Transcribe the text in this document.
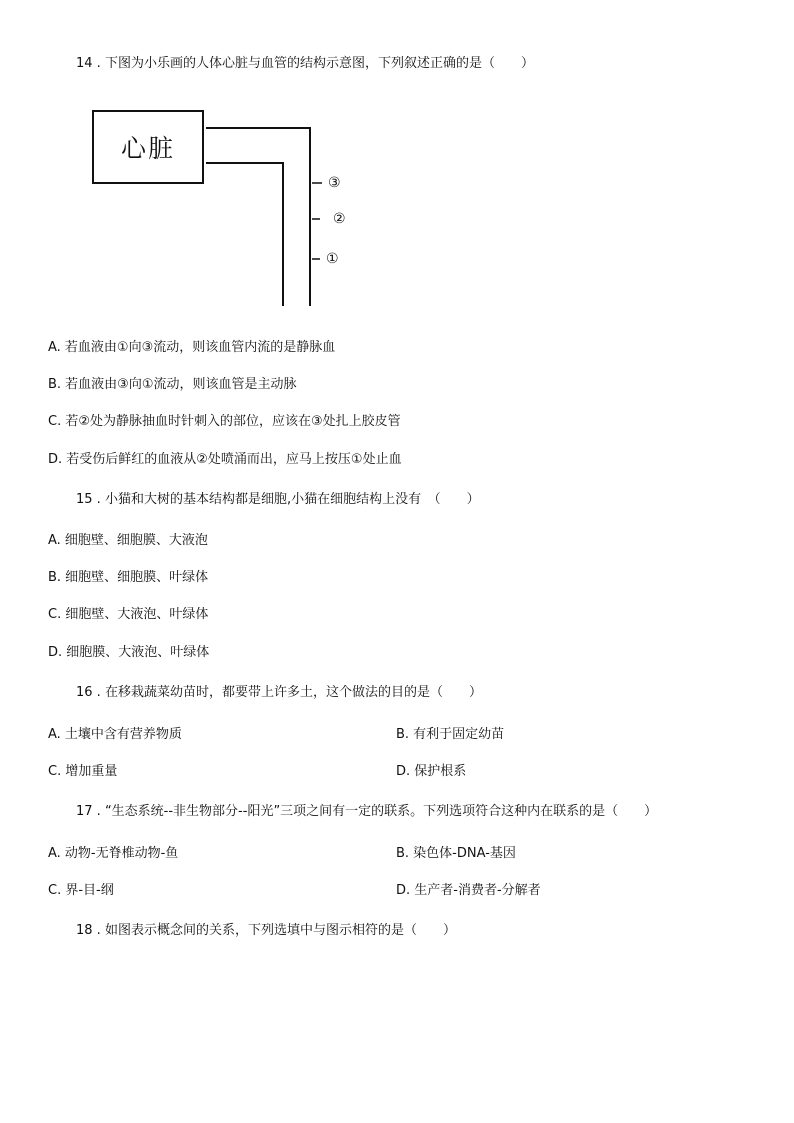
14 . 下图为小乐画的人体心脏与血管的结构示意图，下列叙述正确的是（　　）
心脏
③
②
①
A. 若血液由①向③流动，则该血管内流的是静脉血
B. 若血液由③向①流动，则该血管是主动脉
C. 若②处为静脉抽血时针刺入的部位，应该在③处扎上胶皮管
D. 若受伤后鲜红的血液从②处喷涌而出，应马上按压①处止血
15 . 小猫和大树的基本结构都是细胞,小猫在细胞结构上没有　（　　）
A. 细胞壁、细胞膜、大液泡
B. 细胞壁、细胞膜、叶绿体
C. 细胞壁、大液泡、叶绿体
D. 细胞膜、大液泡、叶绿体
16 . 在移栽蔬菜幼苗时，都要带上许多土，这个做法的目的是（　　）
A. 土壤中含有营养物质	B. 有利于固定幼苗
C. 增加重量	D. 保护根系
17 . “生态系统--非生物部分--阳光”三项之间有一定的联系。下列选项符合这种内在联系的是（　　）
A. 动物-无脊椎动物-鱼	B. 染色体-DNA-基因
C. 界-目-纲	D. 生产者-消费者-分解者
18 . 如图表示概念间的关系，下列选填中与图示相符的是（　　）
